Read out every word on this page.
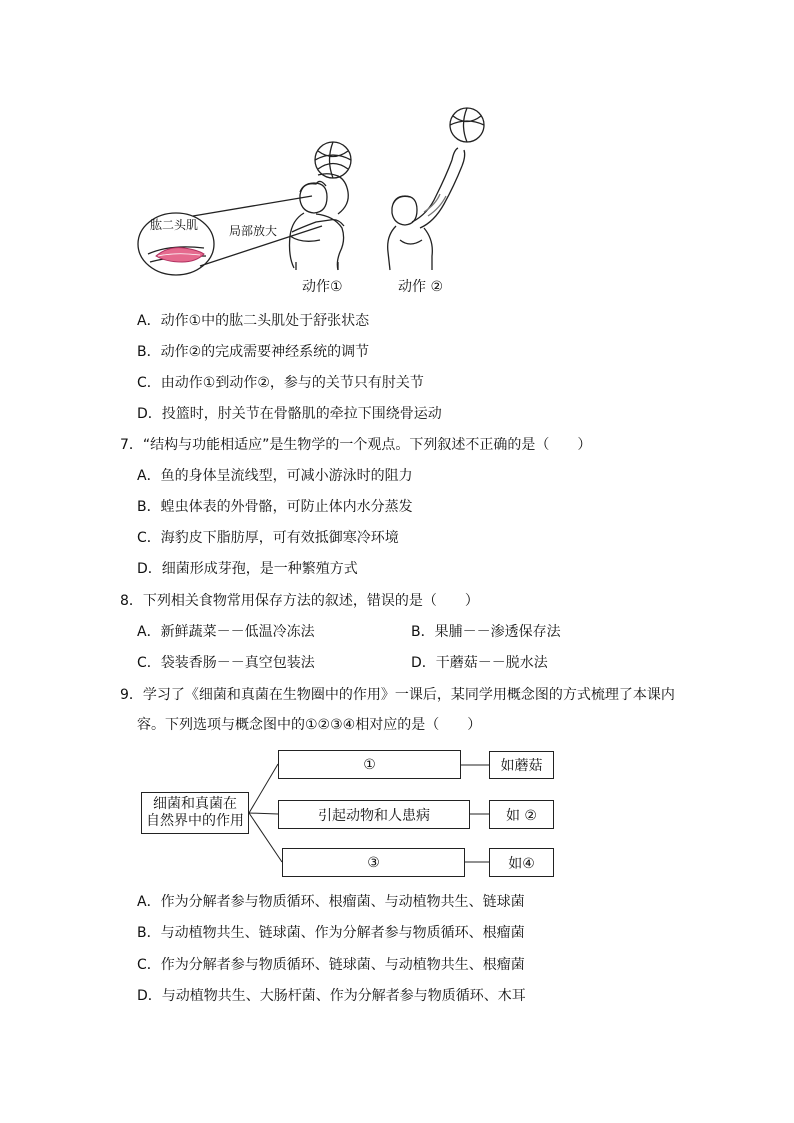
肱二头肌	局部放大
动作①	动作 ②
A．动作①中的肱二头肌处于舒张状态
B．动作②的完成需要神经系统的调节
C．由动作①到动作②，参与的关节只有肘关节
D．投篮时，肘关节在骨骼肌的牵拉下围绕骨运动
7．“结构与功能相适应”是生物学的一个观点。下列叙述不正确的是（　　）
A．鱼的身体呈流线型，可减小游泳时的阻力
B．蝗虫体表的外骨骼，可防止体内水分蒸发
C．海豹皮下脂肪厚，可有效抵御寒冷环境
D．细菌形成芽孢，是一种繁殖方式
8．下列相关食物常用保存方法的叙述，错误的是（　　）
A．新鲜蔬菜－－低温冷冻法	B．果脯－－渗透保存法
C．袋装香肠－－真空包装法	D．干蘑菇－－脱水法
9．学习了《细菌和真菌在生物圈中的作用》一课后，某同学用概念图的方式梳理了本课内
容。下列选项与概念图中的①②③④相对应的是（　　）
细菌和真菌在
自然界中的作用
①
引起动物和人患病
③
如蘑菇
如 ②
如④
A．作为分解者参与物质循环、根瘤菌、与动植物共生、链球菌
B．与动植物共生、链球菌、作为分解者参与物质循环、根瘤菌
C．作为分解者参与物质循环、链球菌、与动植物共生、根瘤菌
D．与动植物共生、大肠杆菌、作为分解者参与物质循环、木耳
